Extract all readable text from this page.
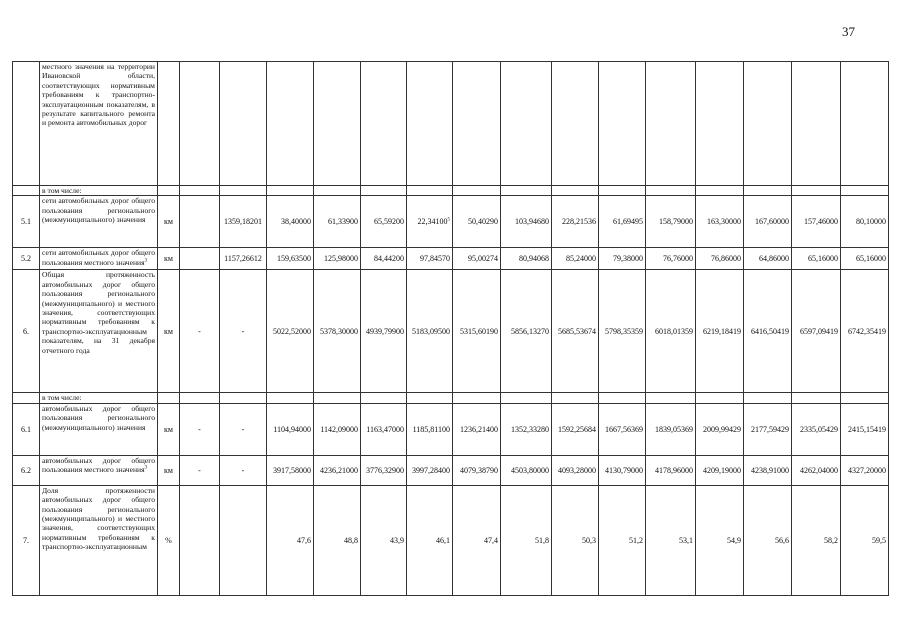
37
	местного значения на территории Ивановской области, соответствующих нормативным требованиям к транспортно-эксплуатационным показателям, в результате капитального ремонта и ремонта автомобильных дорог																
	в том числе:																
5.1	сети автомобильных дорог общего пользования регионального (межмуниципального) значения	км		1359,18201	38,40000	61,33900	65,59200	22,34100$^5$	50,40290	103,94680	228,21536	61,69495	158,79000	163,30000	167,60000	157,46000	80,10000
5.2	сети автомобильных дорог общего пользования местного значения$^3$	км		1157,26612	159,63500	125,98000	84,44200	97,84570	95,00274	80,94068	85,24000	79,38000	76,76000	76,86000	64,86000	65,16000	65,16000
6.	Общая протяженность автомобильных дорог общего пользования регионального (межмуниципального) и местного значения, соответствующих нормативным требованиям к транспортно-эксплуатационным показателям, на 31 декабря отчетного года	км	-	-	5022,52000	5378,30000	4939,79900	5183,09500	5315,60190	5856,13270	5685,53674	5798,35359	6018,01359	6219,18419	6416,50419	6597,09419	6742,35419
	в том числе:																
6.1	автомобильных дорог общего пользования регионального (межмуниципального) значения	км	-	-	1104,94000	1142,09000	1163,47000	1185,81100	1236,21400	1352,33280	1592,25684	1667,56369	1839,05369	2009,99429	2177,59429	2335,05429	2415,15419
6.2	автомобильных дорог общего пользования местного значения$^3$	км	-	-	3917,58000	4236,21000	3776,32900	3997,28400	4079,38790	4503,80000	4093,28000	4130,79000	4178,96000	4209,19000	4238,91000	4262,04000	4327,20000
7.	Доля протяженности автомобильных дорог общего пользования регионального (межмуниципального) и местного значения, соответствующих нормативным требованиям к транспортно-эксплуатационным	%			47,6	48,8	43,9	46,1	47,4	51,8	50,3	51,2	53,1	54,9	56,6	58,2	59,5
